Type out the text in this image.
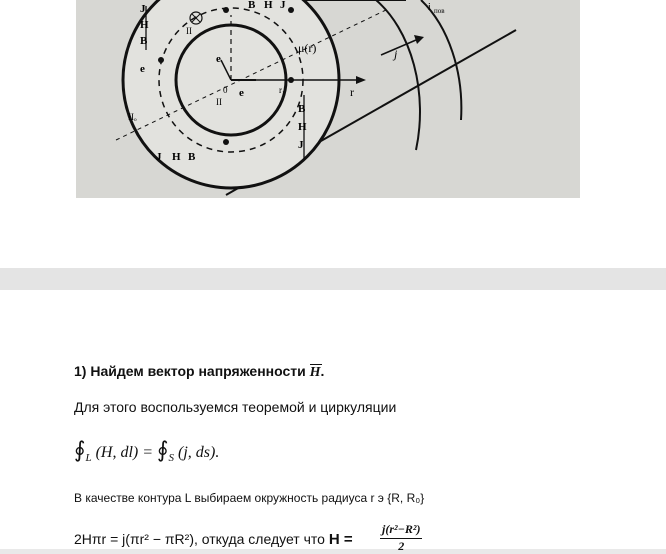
J
H
B
B H J
e
II
e
e
0	r₁
II
μ(r)
r
j
i пов
B
H
J
J H B
IIₒ
1) Найдем вектор напряженности H.
Для этого воспользуемся теоремой и циркуляции
$∮_L$ (H, $dl) = ∮_S$ (j, ds).
В качестве контура L выбираем окружность радиуса r э {R, R₀}
2Hπr = j(πr² − πR²), откуда следует что $H = \frac{\text{j(r²−R²)}}{2}$
